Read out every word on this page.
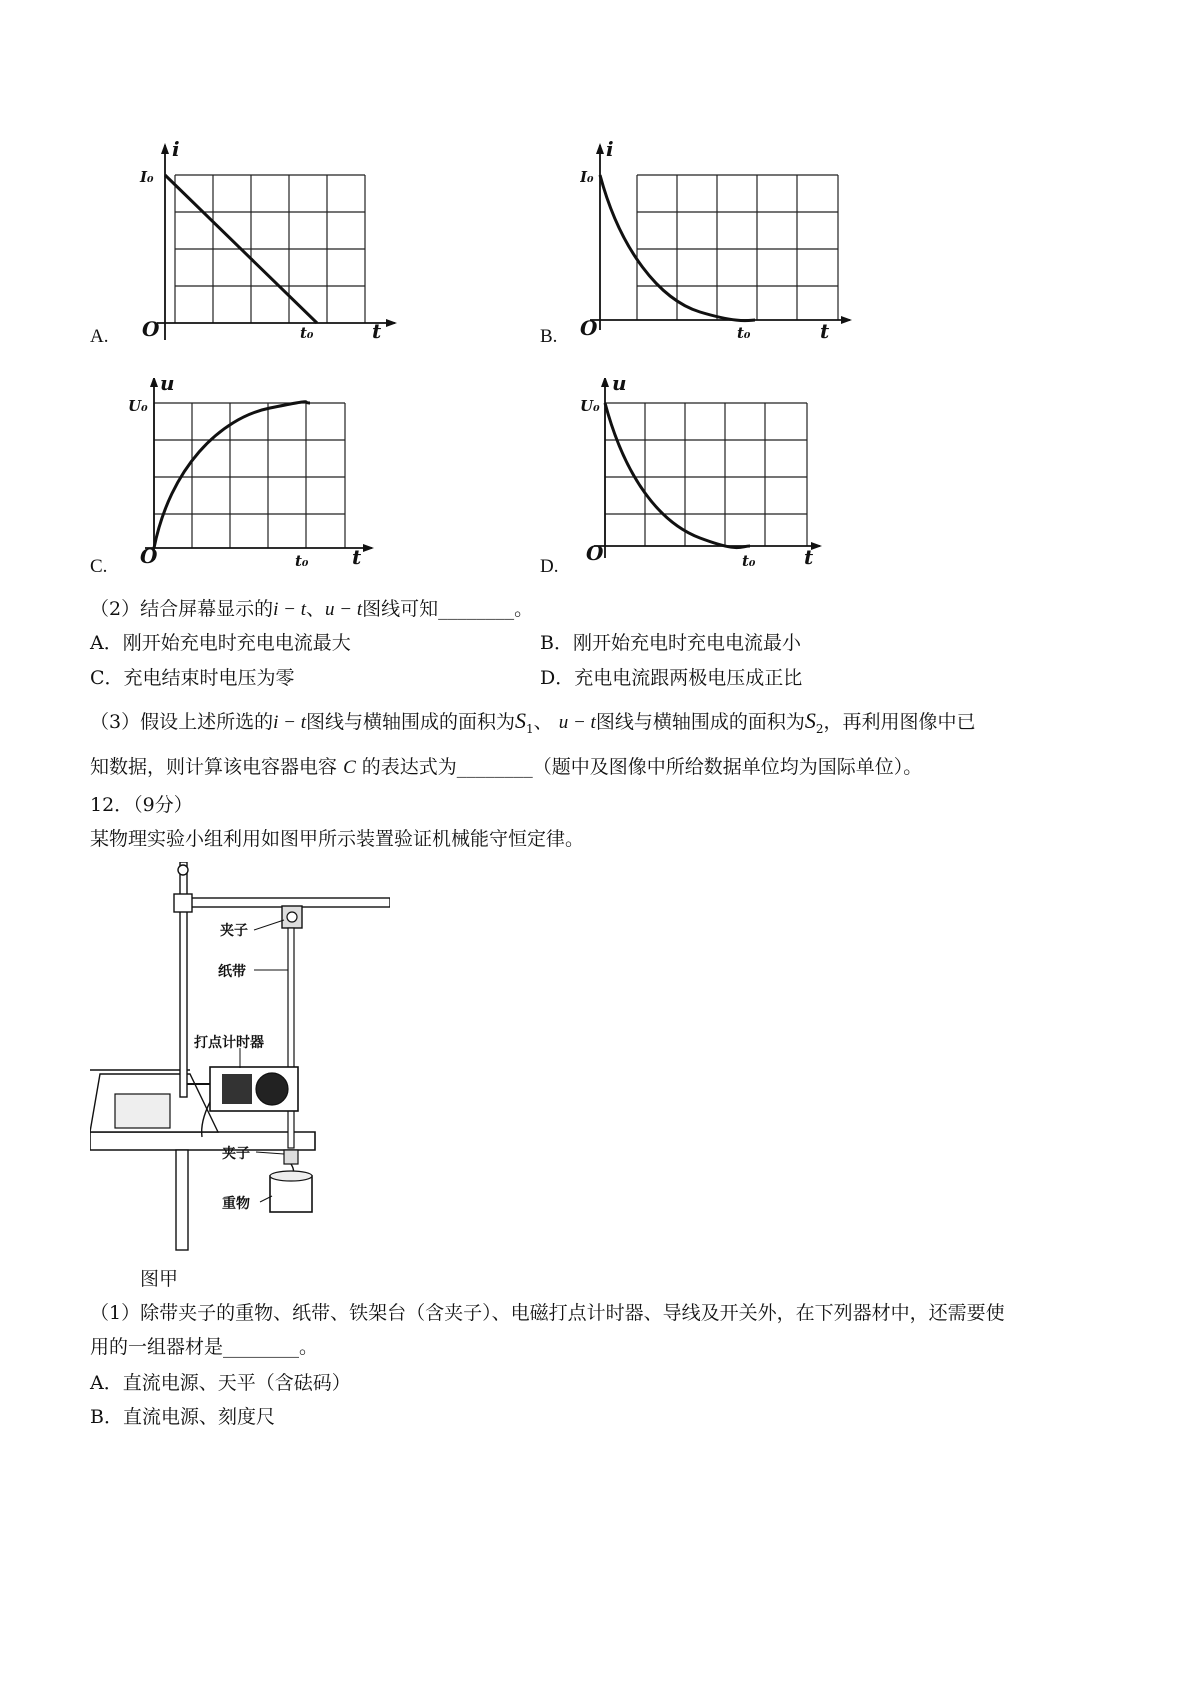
i
I₀
O	t₀	t
A.
i
I₀
O	t₀	t
B.
u
U₀
O	t₀ t
C.
u
U₀
O	t₀ t
D.
（2）结合屏幕显示的i − t、u − t图线可知________。
A．刚开始充电时充电电流最大	B．刚开始充电时充电电流最小
C．充电结束时电压为零	D．充电电流跟两极电压成正比
（3）假设上述所选的i − t图线与横轴围成的面积为$S_1$、 u − t图线与横轴围成的面积为$S_2$，再利用图像中已
知数据，则计算该电容器电容 C 的表达式为________（题中及图像中所给数据单位均为国际单位）。
12．（9分）
某物理实验小组利用如图甲所示装置验证机械能守恒定律。
夹子
纸带
打点计时器
夹子
重物
图甲
（1）除带夹子的重物、纸带、铁架台（含夹子）、电磁打点计时器、导线及开关外，在下列器材中，还需要使
用的一组器材是________。
A．直流电源、天平（含砝码）
B．直流电源、刻度尺
